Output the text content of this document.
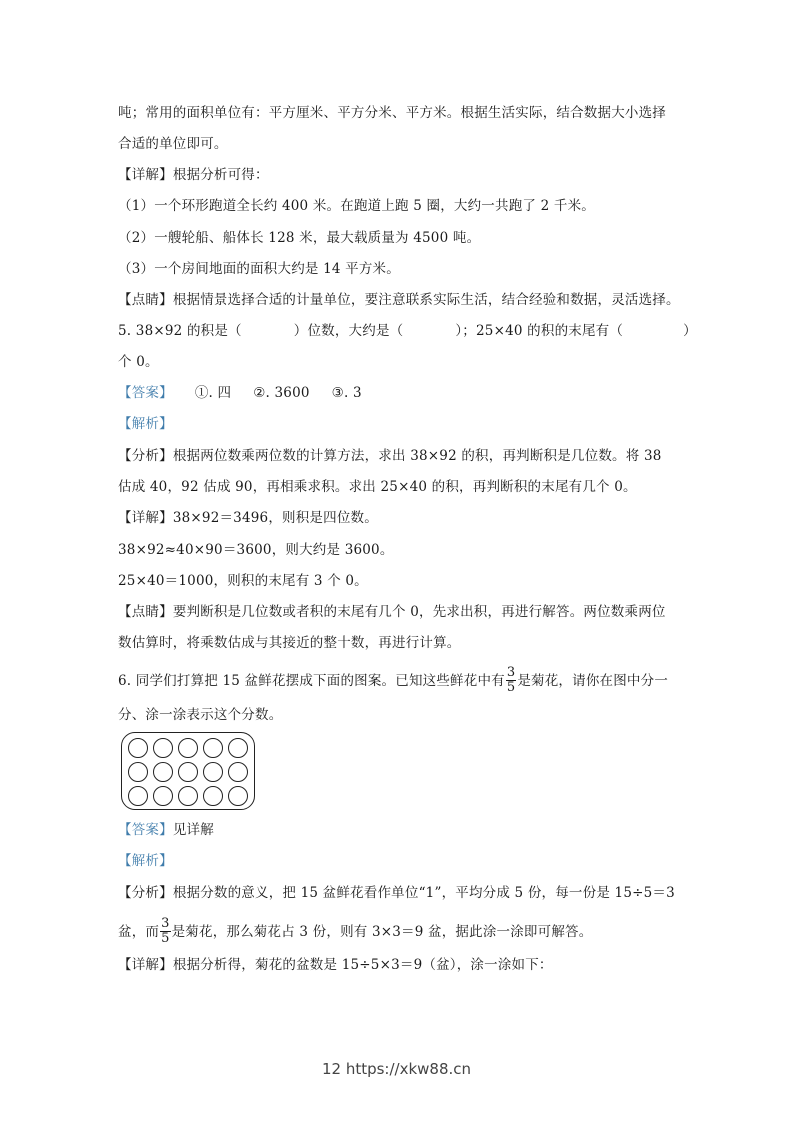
吨；常用的面积单位有：平方厘米、平方分米、平方米。根据生活实际，结合数据大小选择
合适的单位即可。
【详解】根据分析可得：
（1）一个环形跑道全长约 400 米。在跑道上跑 5 圈，大约一共跑了 2 千米。
（2）一艘轮船、船体长 128 米，最大载质量为 4500 吨。
（3）一个房间地面的面积大约是 14 平方米。
【点睛】根据情景选择合适的计量单位，要注意联系实际生活，结合经验和数据，灵活选择。
5. 38×92 的积是（	）位数，大约是（	）；25×40 的积的末尾有（	）
个 0。
【答案】 ①. 四 ②. 3600 ③. 3
【解析】
【分析】根据两位数乘两位数的计算方法，求出 38×92 的积，再判断积是几位数。将 38
估成 40，92 估成 90，再相乘求积。求出 25×40 的积，再判断积的末尾有几个 0。
【详解】38×92＝3496，则积是四位数。
38×92≈40×90＝3600，则大约是 3600。
25×40＝1000，则积的末尾有 3 个 0。
【点睛】要判断积是几位数或者积的末尾有几个 0，先求出积，再进行解答。两位数乘两位
数估算时，将乘数估成与其接近的整十数，再进行计算。
6. 同学们打算把 15 盆鲜花摆成下面的图案。已知这些鲜花中有 $\frac{3}{5}$ 是菊花，请你在图中分一
分、涂一涂表示这个分数。
【答案】见详解
【解析】
【分析】根据分数的意义，把 15 盆鲜花看作单位“1”，平均分成 5 份，每一份是 15÷5＝3
盆，而 $\frac{3}{5}$ 是菊花，那么菊花占 3 份，则有 3×3＝9 盆，据此涂一涂即可解答。
【详解】根据分析得，菊花的盆数是 15÷5×3＝9（盆），涂一涂如下：
12 https://xkw88.cn
